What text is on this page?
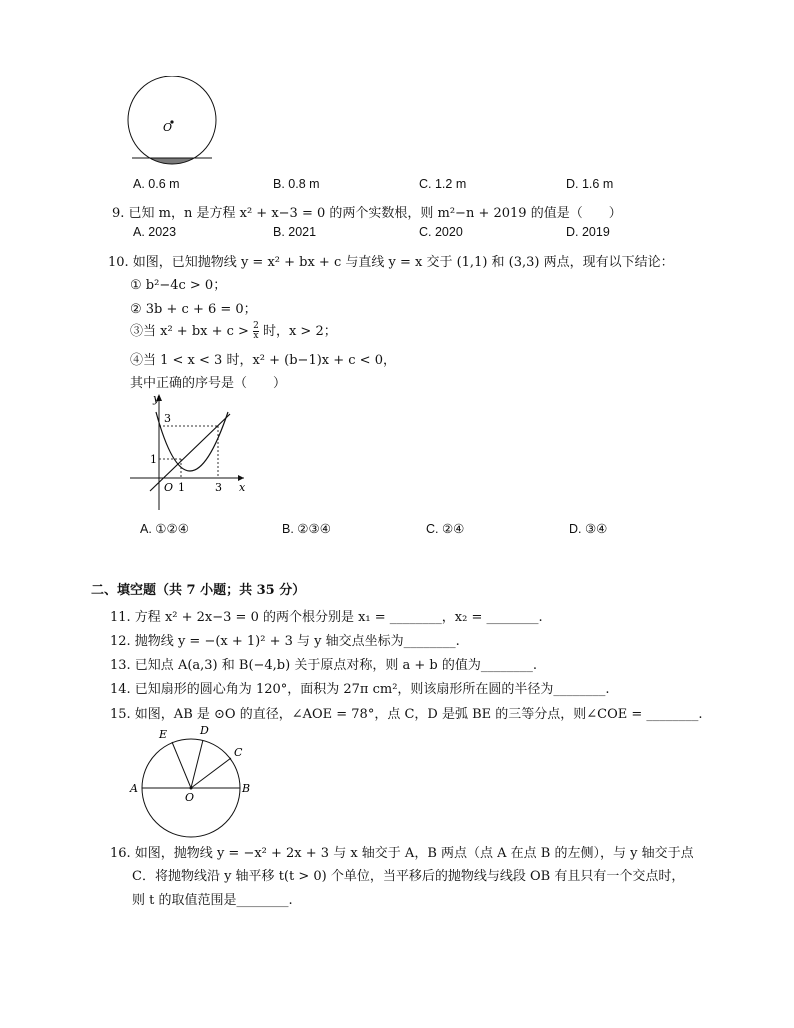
O
A. 0.6 m	B. 0.8 m	C. 1.2 m	D. 1.6 m
9. 已知 m，n 是方程 x² + x−3 = 0 的两个实数根，则 m²−n + 2019 的值是（　　）
A. 2023	B. 2021	C. 2020	D. 2019
10. 如图，已知抛物线 y = x² + bx + c 与直线 y = x 交于 (1,1) 和 (3,3) 两点，现有以下结论：
① b²−4c > 0；
② 3b + c + 6 = 0；
③当 x² + bx + $c > \frac{2}{x}$ 时，x > 2；
④当 1 < x < 3 时，x² + (b−1)x + c < 0，
其中正确的序号是（　　）
y
x
O 1	3
1
3
A. ①②④	B. ②③④	C. ②④	D. ③④
二、填空题（共 7 小题；共 35 分）
11. 方程 x² + 2x−3 = 0 的两个根分别是 x₁ = ________，x₂ = ________.
12. 抛物线 y = −(x + 1)² + 3 与 y 轴交点坐标为________.
13. 已知点 A(a,3) 和 B(−4,b) 关于原点对称，则 a + b 的值为________.
14. 已知扇形的圆心角为 120°，面积为 27π cm²，则该扇形所在圆的半径为________.
15. 如图，AB 是 ⊙O 的直径，∠AOE = 78°，点 C，D 是弧 BE 的三等分点，则∠COE = ________.
A	B
C
D
E
O
16. 如图，抛物线 y = −x² + 2x + 3 与 x 轴交于 A，B 两点（点 A 在点 B 的左侧），与 y 轴交于点
C．将抛物线沿 y 轴平移 t(t > 0) 个单位，当平移后的抛物线与线段 OB 有且只有一个交点时，
则 t 的取值范围是________.
